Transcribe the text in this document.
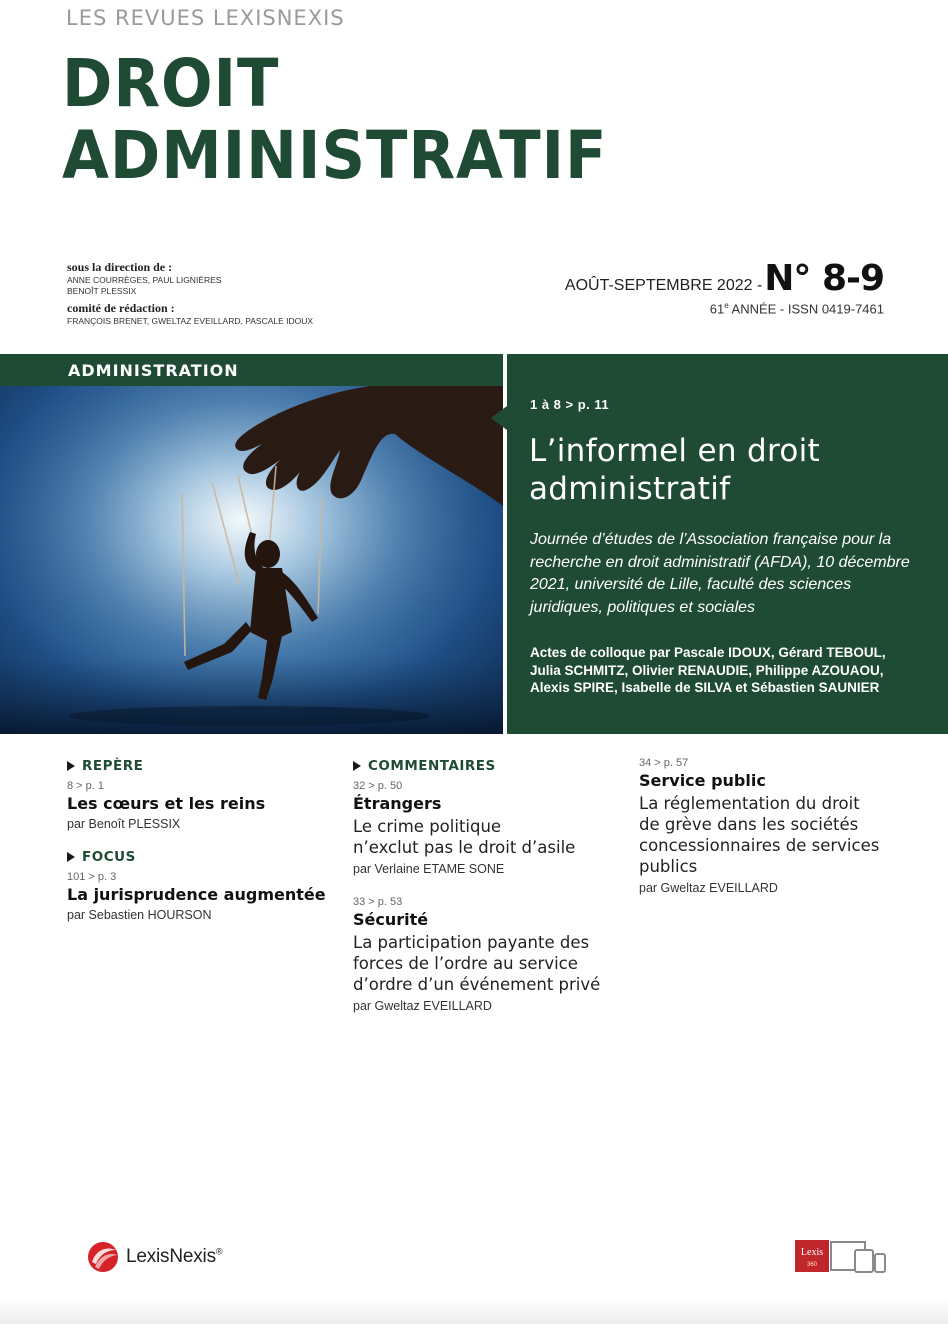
LES REVUES LEXISNEXIS
DROIT
ADMINISTRATIF
sous la direction de :
ANNE COURRÈGES, PAUL LIGNIÈRES
BENOÎT PLESSIX
comité de rédaction :
FRANÇOIS BRENET, GWELTAZ EVEILLARD, PASCALE IDOUX
AOÛT-SEPTEMBRE 2022 - N° 8-9
61e ANNÉE - ISSN 0419-7461
ADMINISTRATION
1 à 8 > p. 11
L’informel en droit
administratif
Journée d’études de l’Association française pour la recherche en droit administratif (AFDA), 10 décembre 2021, université de Lille, faculté des sciences juridiques, politiques et sociales
Actes de colloque par Pascale IDOUX, Gérard TEBOUL, Julia SCHMITZ, Olivier RENAUDIE, Philippe AZOUAOU, Alexis SPIRE, Isabelle de SILVA et Sébastien SAUNIER
REPÈRE
8 > p. 1
Les cœurs et les reins
par Benoît PLESSIX
FOCUS
101 > p. 3
La jurisprudence augmentée
par Sebastien HOURSON
COMMENTAIRES
32 > p. 50
Étrangers
Le crime politique
n’exclut pas le droit d’asile
par Verlaine ETAME SONE
33 > p. 53
Sécurité
La participation payante des
forces de l’ordre au service
d’ordre d’un événement privé
par Gweltaz EVEILLARD
34 > p. 57
Service public
La réglementation du droit
de grève dans les sociétés
concessionnaires de services
publics
par Gweltaz EVEILLARD
LexisNexis®	Lexis
360
